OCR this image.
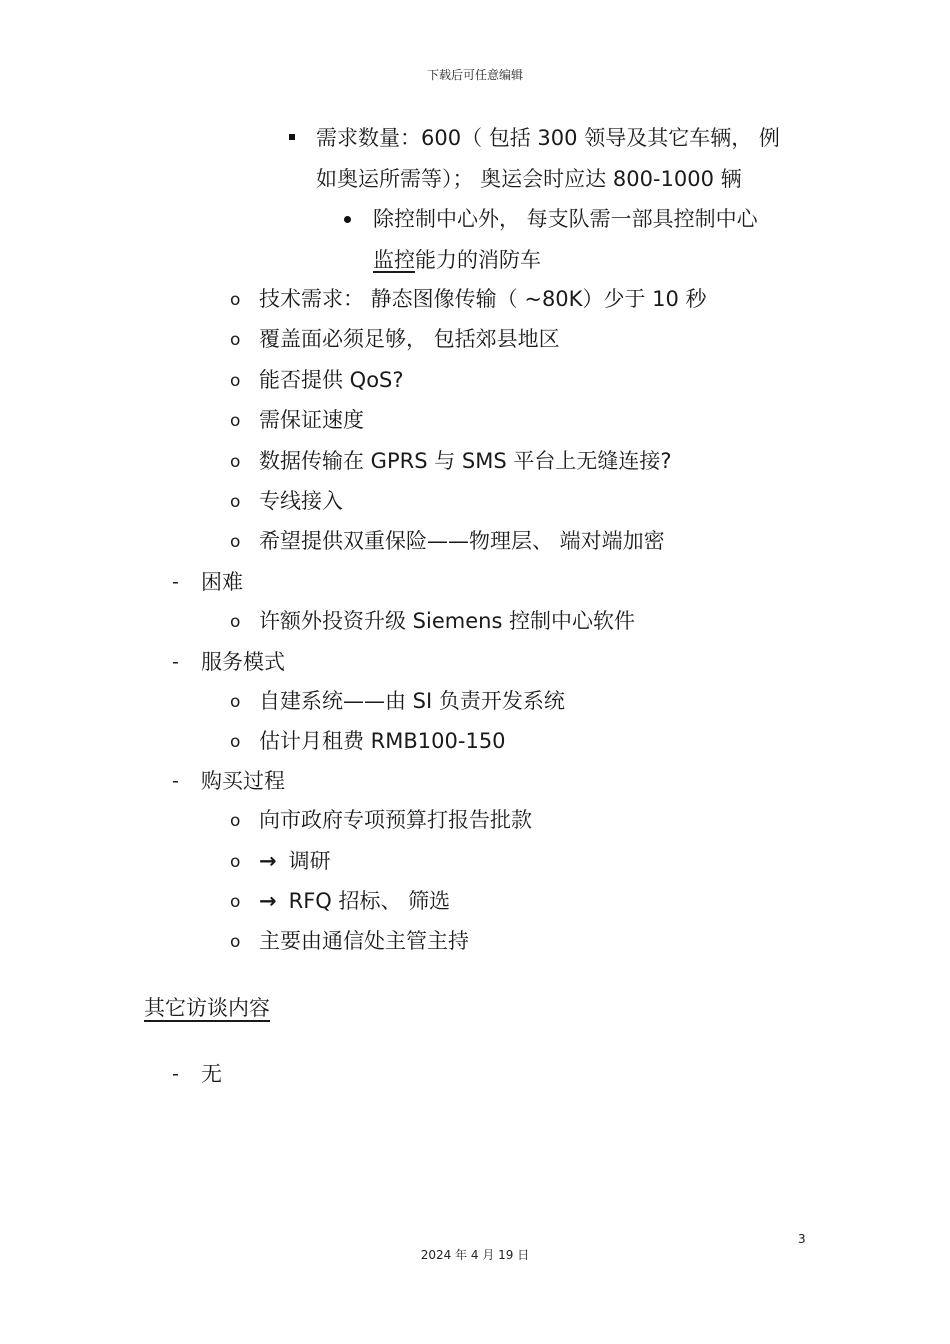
下载后可任意编辑
需求数量：600（ 包括 300 领导及其它车辆， 例
如奥运所需等）； 奥运会时应达 800-1000 辆
除控制中心外， 每支队需一部具控制中心
监控能力的消防车
o 技术需求： 静态图像传输（ ~80K）少于 10 秒
o 覆盖面必须足够， 包括郊县地区
o 能否提供 QoS?
o 需保证速度
o 数据传输在 GPRS 与 SMS 平台上无缝连接?
o 专线接入
o 希望提供双重保险——物理层、 端对端加密
- 困难
o 许额外投资升级 Siemens 控制中心软件
- 服务模式
o 自建系统——由 SI 负责开发系统
o 估计月租费 RMB100-150
- 购买过程
o 向市政府专项预算打报告批款
o → 调研
o → RFQ 招标、 筛选
o 主要由通信处主管主持
其它访谈内容
- 无
3
2024 年 4 月 19 日
